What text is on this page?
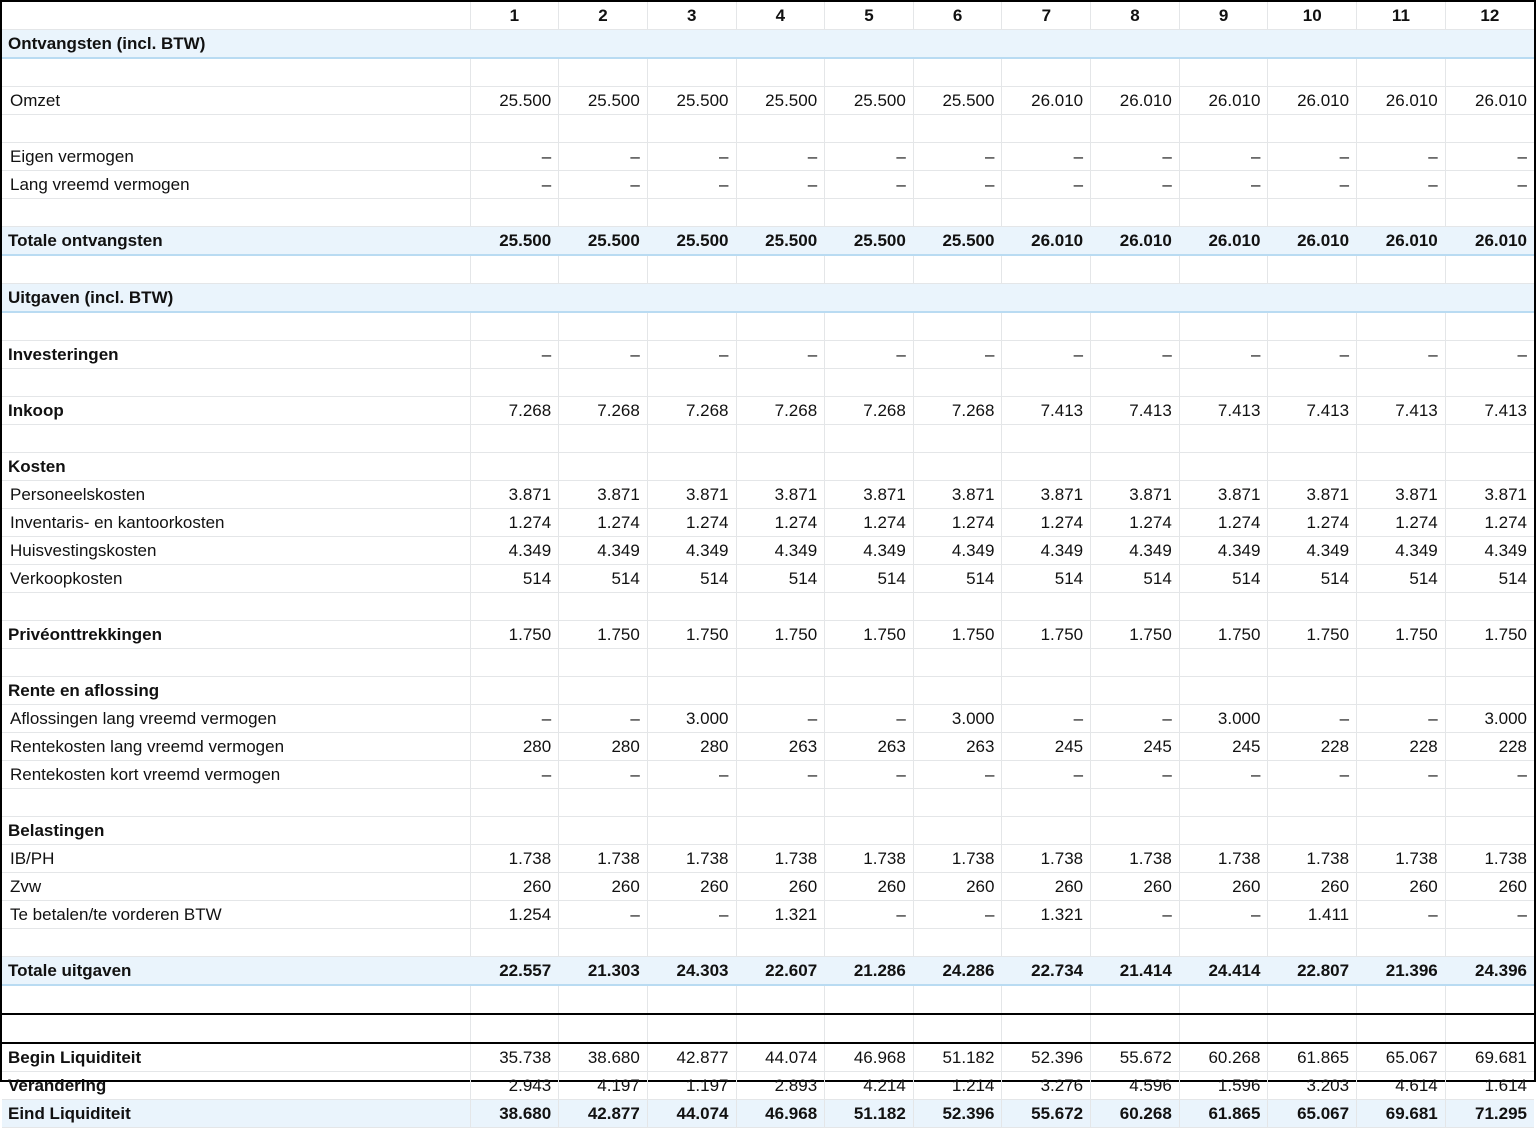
	1	2	3	4	5	6	7	8	9	10	11	12
Ontvangsten (incl. BTW)												

Omzet	25.500	25.500	25.500	25.500	25.500	25.500	26.010	26.010	26.010	26.010	26.010	26.010

Eigen vermogen	–	–	–	–	–	–	–	–	–	–	–	–
Lang vreemd vermogen	–	–	–	–	–	–	–	–	–	–	–	–

Totale ontvangsten	25.500	25.500	25.500	25.500	25.500	25.500	26.010	26.010	26.010	26.010	26.010	26.010

Uitgaven (incl. BTW)												

Investeringen	–	–	–	–	–	–	–	–	–	–	–	–

Inkoop	7.268	7.268	7.268	7.268	7.268	7.268	7.413	7.413	7.413	7.413	7.413	7.413

Kosten												
Personeelskosten	3.871	3.871	3.871	3.871	3.871	3.871	3.871	3.871	3.871	3.871	3.871	3.871
Inventaris- en kantoorkosten	1.274	1.274	1.274	1.274	1.274	1.274	1.274	1.274	1.274	1.274	1.274	1.274
Huisvestingskosten	4.349	4.349	4.349	4.349	4.349	4.349	4.349	4.349	4.349	4.349	4.349	4.349
Verkoopkosten	514	514	514	514	514	514	514	514	514	514	514	514

Privéonttrekkingen	1.750	1.750	1.750	1.750	1.750	1.750	1.750	1.750	1.750	1.750	1.750	1.750

Rente en aflossing												
Aflossingen lang vreemd vermogen	–	–	3.000	–	–	3.000	–	–	3.000	–	–	3.000
Rentekosten lang vreemd vermogen	280	280	280	263	263	263	245	245	245	228	228	228
Rentekosten kort vreemd vermogen	–	–	–	–	–	–	–	–	–	–	–	–

Belastingen												
IB/PH	1.738	1.738	1.738	1.738	1.738	1.738	1.738	1.738	1.738	1.738	1.738	1.738
Zvw	260	260	260	260	260	260	260	260	260	260	260	260
Te betalen/te vorderen BTW	1.254	–	–	1.321	–	–	1.321	–	–	1.411	–	–

Totale uitgaven	22.557	21.303	24.303	22.607	21.286	24.286	22.734	21.414	24.414	22.807	21.396	24.396

Begin Liquiditeit	35.738	38.680	42.877	44.074	46.968	51.182	52.396	55.672	60.268	61.865	65.067	69.681
Verandering	2.943	4.197	1.197	2.893	4.214	1.214	3.276	4.596	1.596	3.203	4.614	1.614
Eind Liquiditeit	38.680	42.877	44.074	46.968	51.182	52.396	55.672	60.268	61.865	65.067	69.681	71.295
